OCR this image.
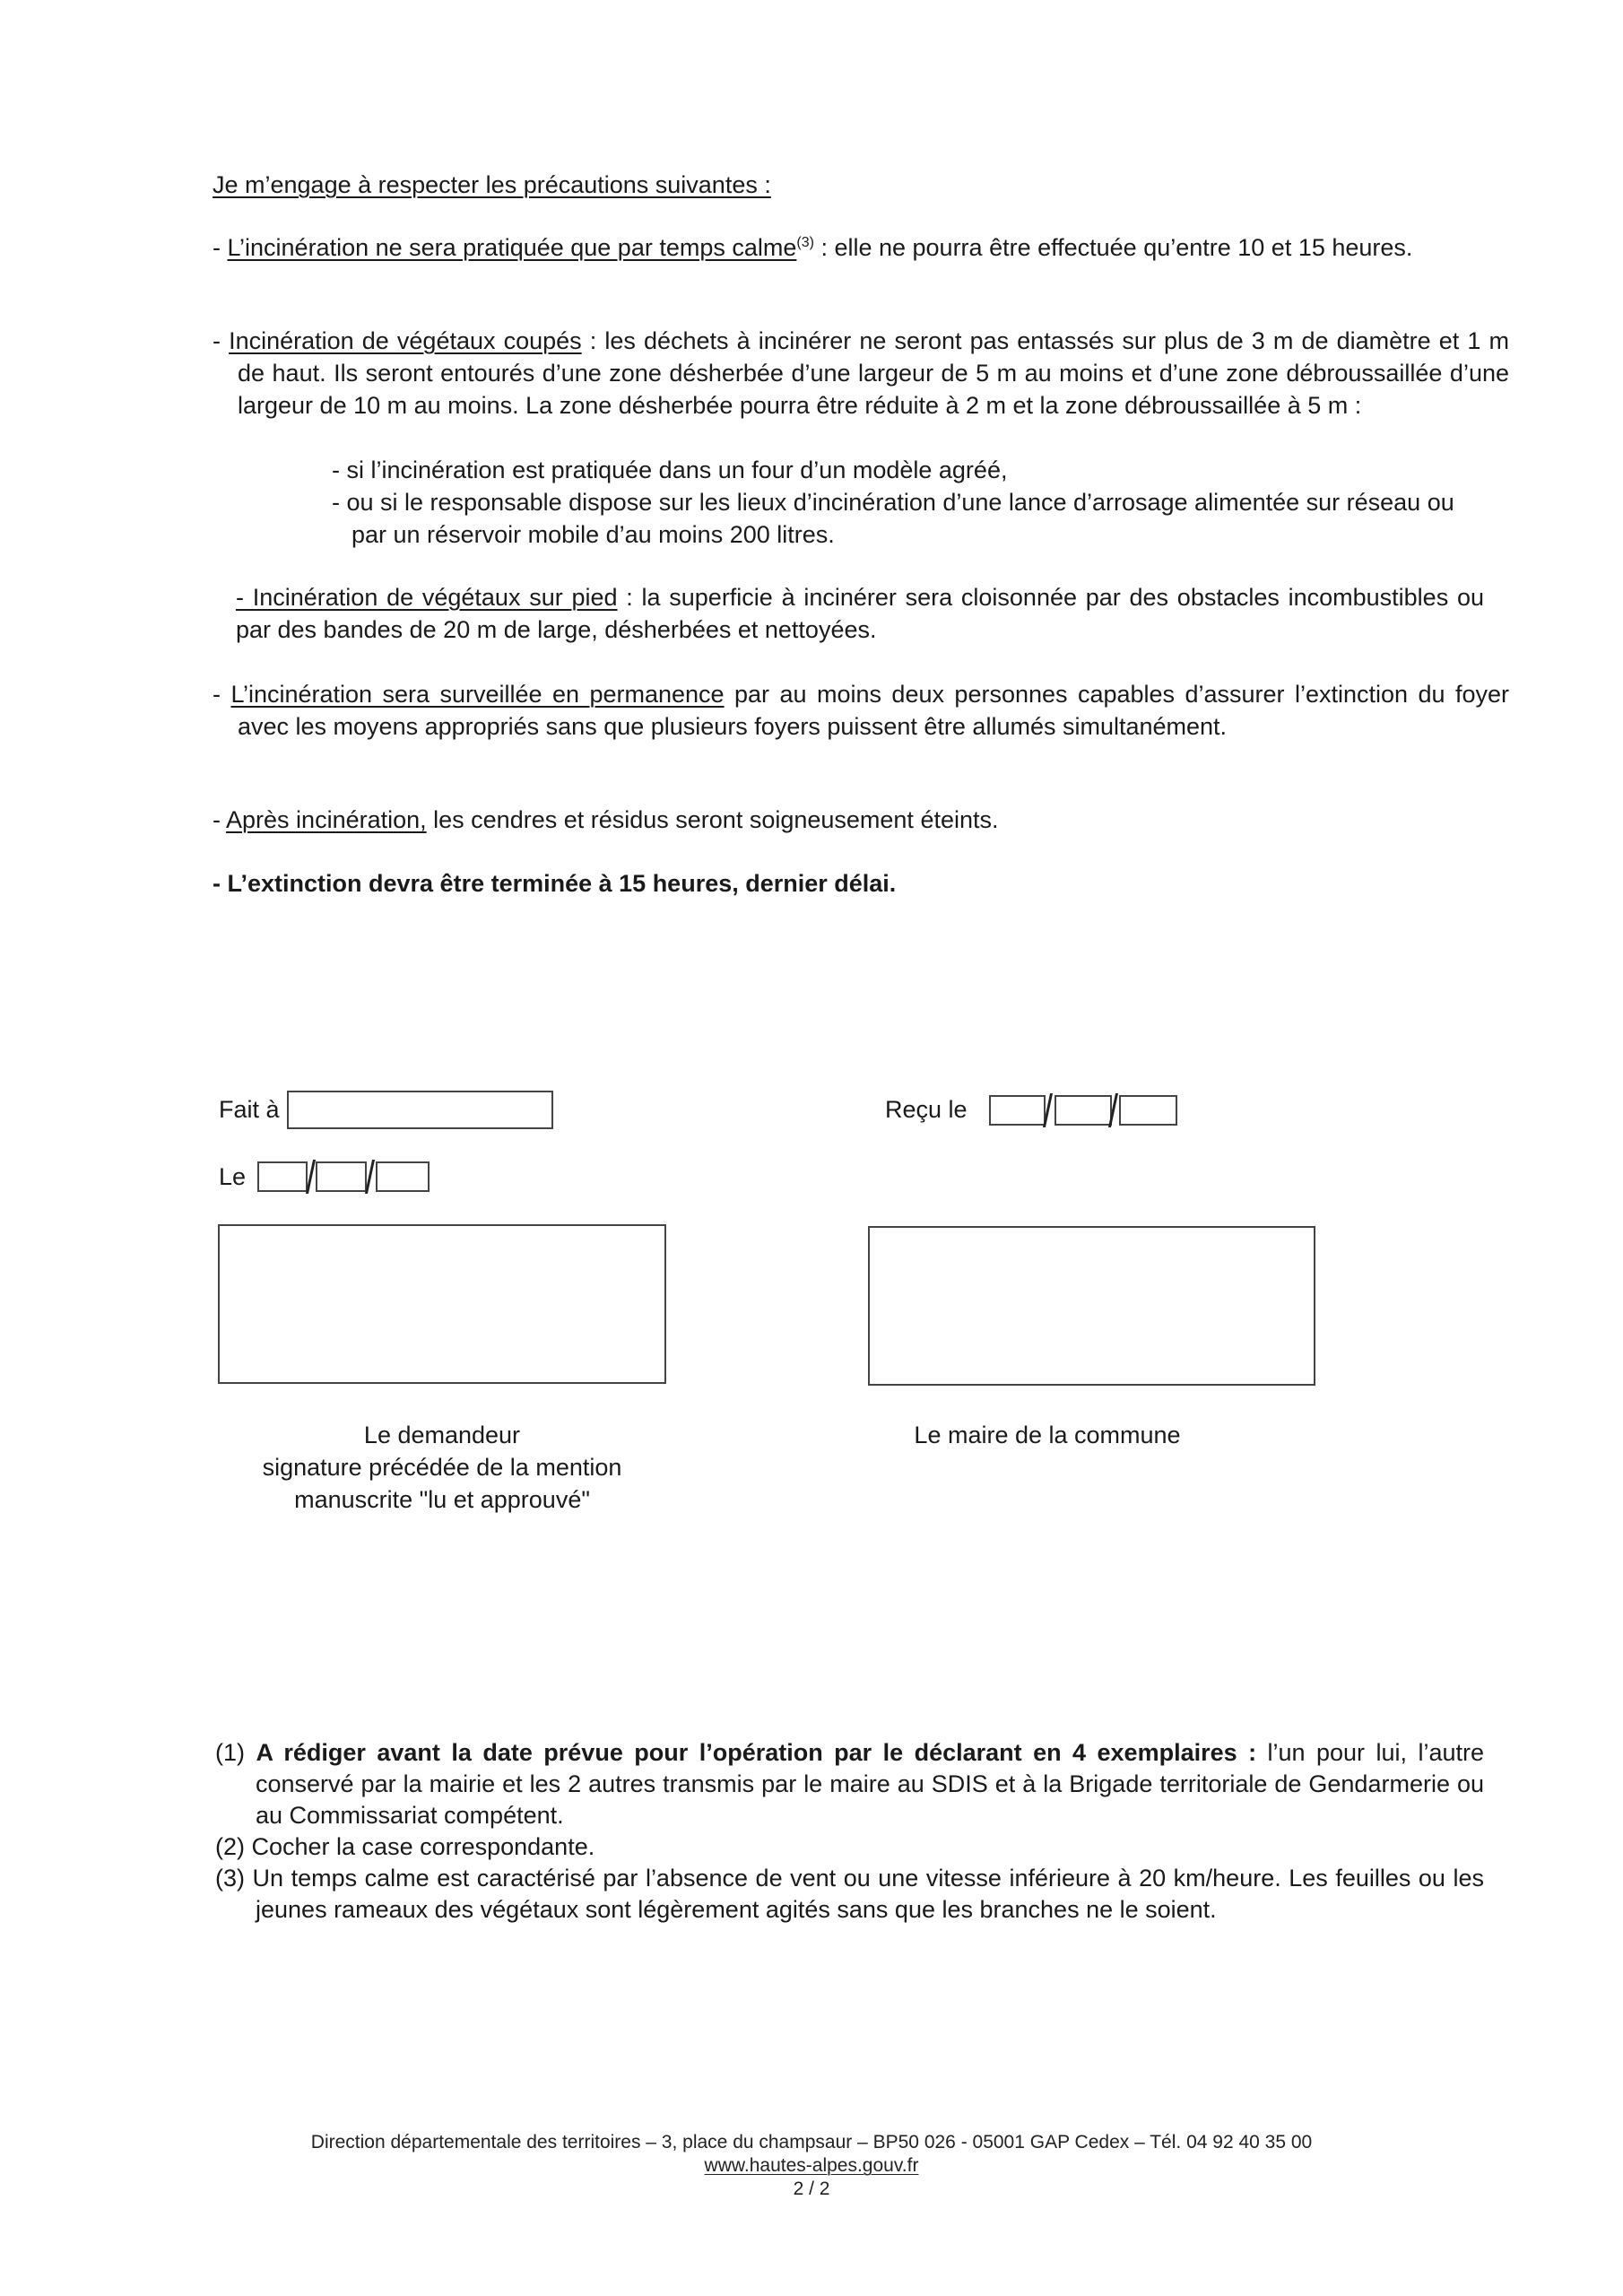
Je m’engage à respecter les précautions suivantes :
- L’incinération ne sera pratiquée que par temps calme$^{(3)}$ : elle ne pourra être effectuée qu’entre 10 et 15 heures.
- Incinération de végétaux coupés : les déchets à incinérer ne seront pas entassés sur plus de 3 m de diamètre et 1 m de haut. Ils seront entourés d’une zone désherbée d’une largeur de 5 m au moins et d’une zone débroussaillée d’une largeur de 10 m au moins. La zone désherbée pourra être réduite à 2 m et la zone débroussaillée à 5 m :
- si l’incinération est pratiquée dans un four d’un modèle agréé,
- ou si le responsable dispose sur les lieux d’incinération d’une lance d’arrosage alimentée sur réseau ou par un réservoir mobile d’au moins 200 litres.
- Incinération de végétaux sur pied : la superficie à incinérer sera cloisonnée par des obstacles incombustibles ou par des bandes de 20 m de large, désherbées et nettoyées.
- L’incinération sera surveillée en permanence par au moins deux personnes capables d’assurer l’extinction du foyer avec les moyens appropriés sans que plusieurs foyers puissent être allumés simultanément.
- Après incinération, les cendres et résidus seront soigneusement éteints.
- L’extinction devra être terminée à 15 heures, dernier délai.
Fait à
Le
Reçu le
Le demandeur
signature précédée de la mention
manuscrite "lu et approuvé"
Le maire de la commune
(1) A rédiger avant la date prévue pour l’opération par le déclarant en 4 exemplaires : l’un pour lui, l’autre conservé par la mairie et les 2 autres transmis par le maire au SDIS et à la Brigade territoriale de Gendarmerie ou au Commissariat compétent.
(2) Cocher la case correspondante.
(3) Un temps calme est caractérisé par l’absence de vent ou une vitesse inférieure à 20 km/heure. Les feuilles ou les jeunes rameaux des végétaux sont légèrement agités sans que les branches ne le soient.
Direction départementale des territoires – 3, place du champsaur – BP50 026 - 05001 GAP Cedex – Tél. 04 92 40 35 00
www.hautes-alpes.gouv.fr
2 / 2
